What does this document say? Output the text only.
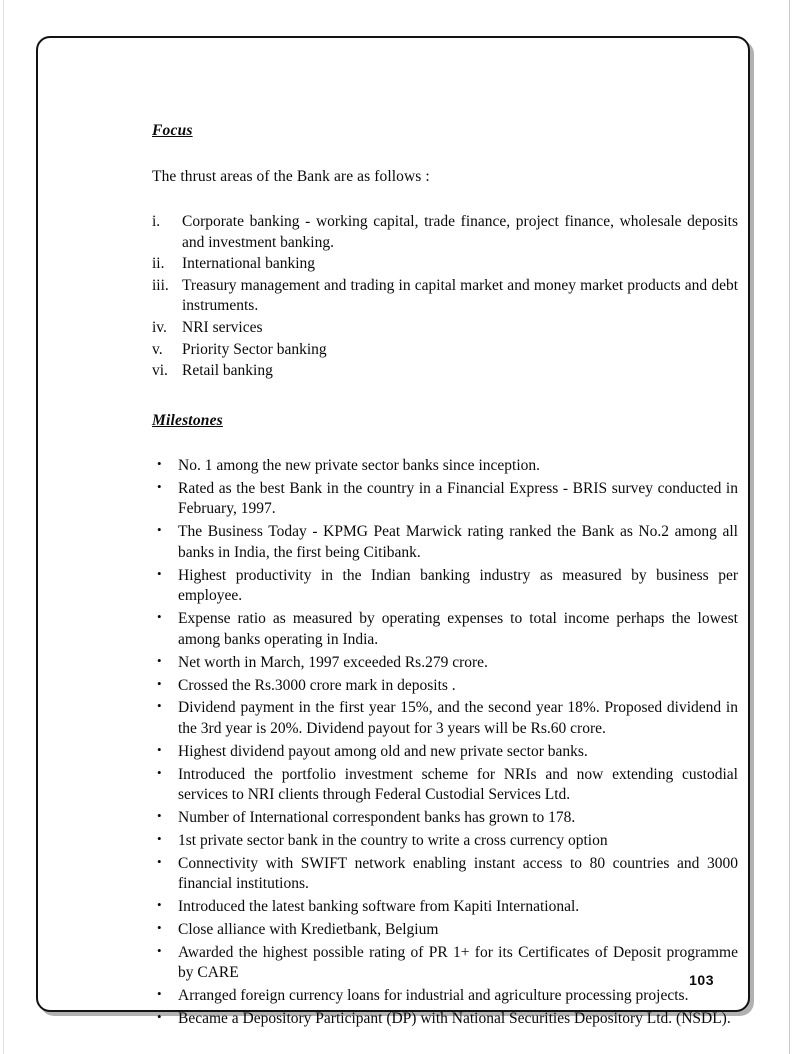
Focus

The thrust areas of the Bank are as follows :

i.	Corporate banking - working capital, trade finance, project finance, wholesale deposits and investment banking.
ii.	International banking
iii. Treasury management and trading in capital market and money market products and debt instruments.
iv. NRI services
v.	Priority Sector banking
vi. Retail banking
Milestones
• No. 1 among the new private sector banks since inception.
• Rated as the best Bank in the country in a Financial Express - BRIS survey conducted in February, 1997.
• The Business Today - KPMG Peat Marwick rating ranked the Bank as No.2 among all banks in India, the first being Citibank.
• Highest productivity in the Indian banking industry as measured by business per employee.
• Expense ratio as measured by operating expenses to total income perhaps the lowest among banks operating in India.
• Net worth in March, 1997 exceeded Rs.279 crore.
• Crossed the Rs.3000 crore mark in deposits .
• Dividend payment in the first year 15%, and the second year 18%. Proposed dividend in the 3rd year is 20%. Dividend payout for 3 years will be Rs.60 crore.
• Highest dividend payout among old and new private sector banks.
• Introduced the portfolio investment scheme for NRIs and now extending custodial services to NRI clients through Federal Custodial Services Ltd.
• Number of International correspondent banks has grown to 178.
• 1st private sector bank in the country to write a cross currency option
• Connectivity with SWIFT network enabling instant access to 80 countries and 3000 financial institutions.
• Introduced the latest banking software from Kapiti International.
• Close alliance with Kredietbank, Belgium
• Awarded the highest possible rating of PR 1+ for its Certificates of Deposit programme by CARE
• Arranged foreign currency loans for industrial and agriculture processing projects.
• Became a Depository Participant (DP) with National Securities Depository Ltd. (NSDL).
103
